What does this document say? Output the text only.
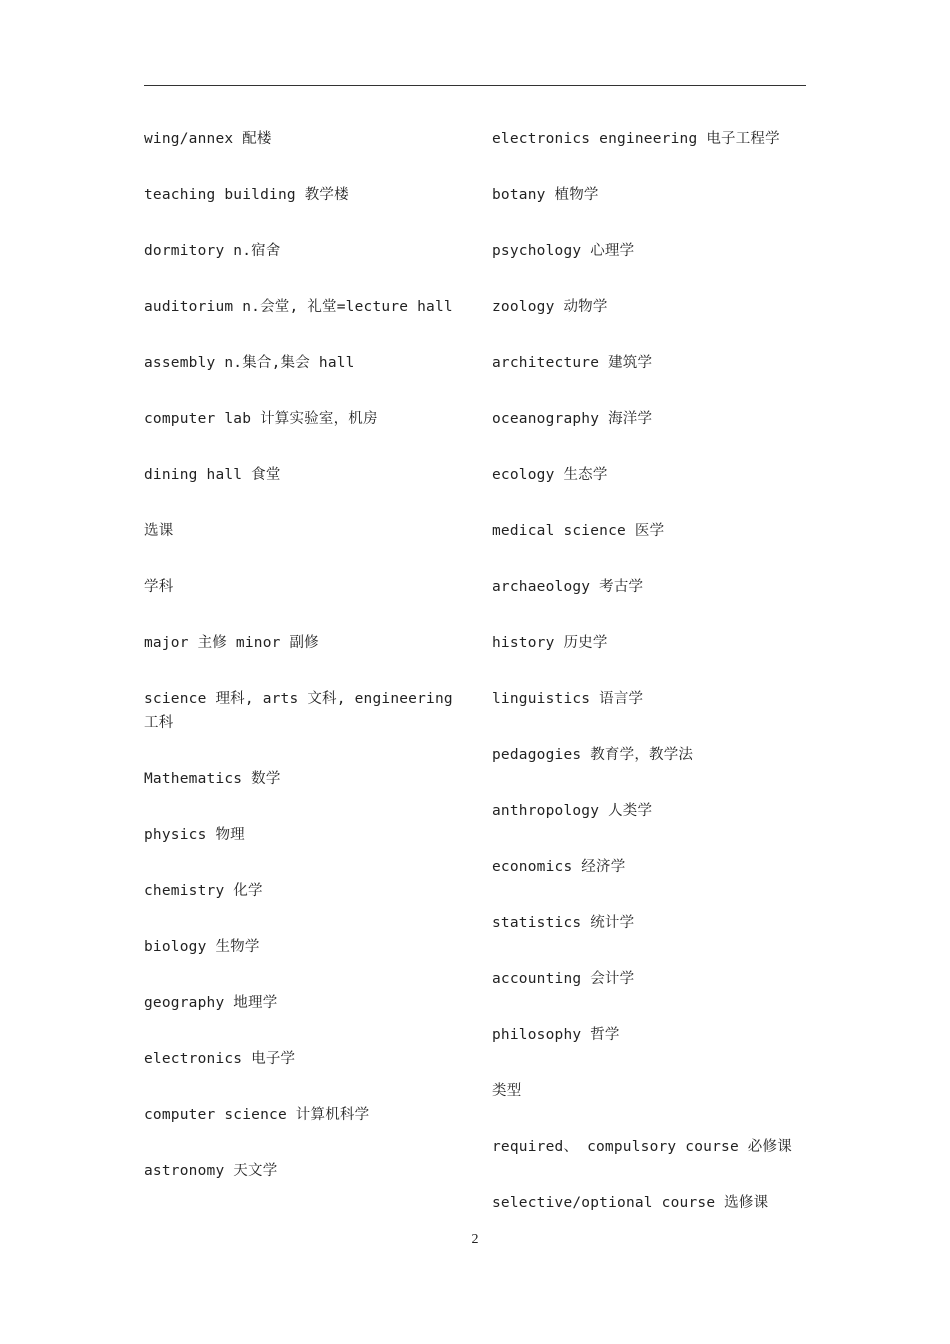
wing/annex 配楼

teaching building 教学楼

dormitory n.宿舍

auditorium n.会堂, 礼堂=lecture hall

assembly n.集合,集会 hall

computer lab 计算实验室，机房

dining hall 食堂

选课

学科

major 主修 minor 副修

science 理科, arts 文科, engineering 工科

Mathematics 数学

physics 物理

chemistry 化学

biology 生物学

geography 地理学

electronics 电子学

computer science 计算机科学

astronomy 天文学

electronics engineering 电子工程学

botany 植物学

psychology 心理学

zoology 动物学

architecture 建筑学

oceanography 海洋学

ecology 生态学

medical science 医学

archaeology 考古学

history 历史学

linguistics 语言学

pedagogies 教育学，教学法

anthropology 人类学

economics 经济学

statistics 统计学

accounting 会计学

philosophy 哲学

类型

required、 compulsory course 必修课

selective/optional course 选修课

2
